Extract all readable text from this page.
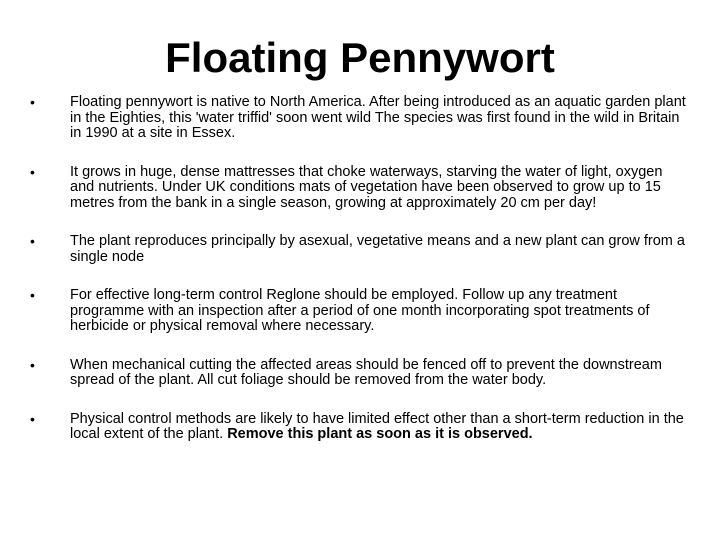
Floating Pennywort
• Floating pennywort is native to North America. After being introduced as an aquatic garden plant in the Eighties, this 'water triffid' soon went wild The species was first found in the wild in Britain in 1990 at a site in Essex.
• It grows in huge, dense mattresses that choke waterways, starving the water of light, oxygen and nutrients. Under UK conditions mats of vegetation have been observed to grow up to 15 metres from the bank in a single season, growing at approximately 20 cm per day!
• The plant reproduces principally by asexual, vegetative means and a new plant can grow from a single node
• For effective long-term control Reglone should be employed. Follow up any treatment programme with an inspection after a period of one month incorporating spot treatments of herbicide or physical removal where necessary.
• When mechanical cutting the affected areas should be fenced off to prevent the downstream spread of the plant. All cut foliage should be removed from the water body.
• Physical control methods are likely to have limited effect other than a short-term reduction in the local extent of the plant. Remove this plant as soon as it is observed.
